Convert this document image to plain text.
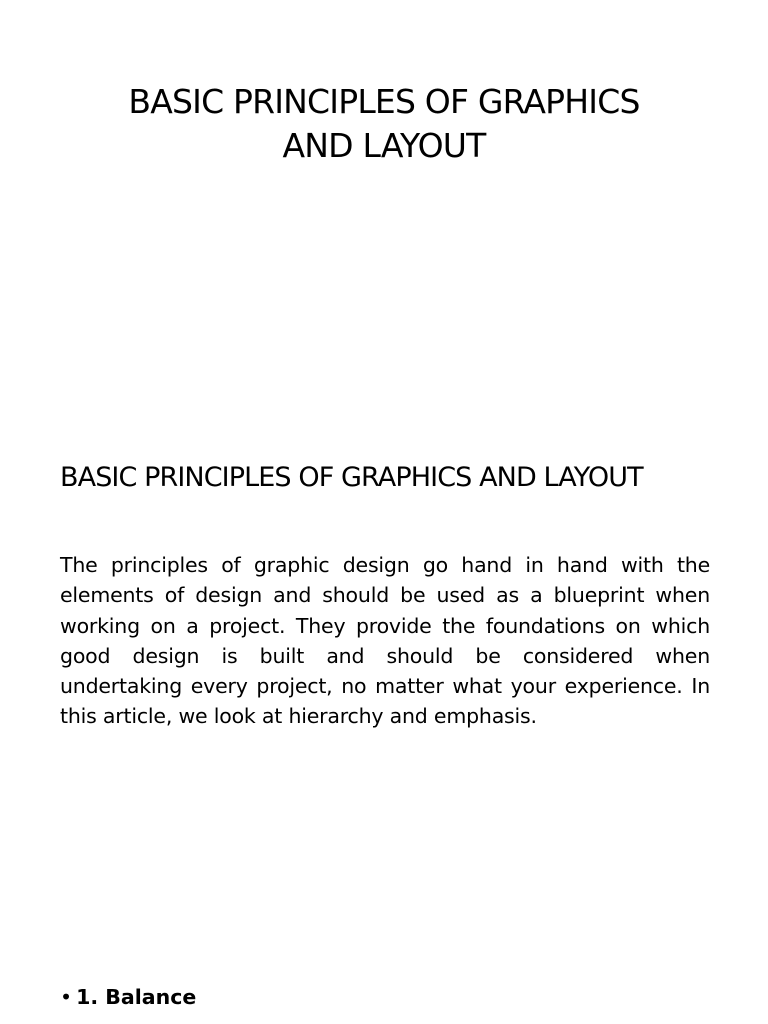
BASIC PRINCIPLES OF GRAPHICS
AND LAYOUT
BASIC PRINCIPLES OF GRAPHICS AND LAYOUT

The principles of graphic design go hand in hand with the elements of design and should be used as a blueprint when working on a project. They provide the foundations on which good design is built and should be considered when undertaking every project, no matter what your experience. In this article, we look at hierarchy and emphasis.

• 1. Balance
